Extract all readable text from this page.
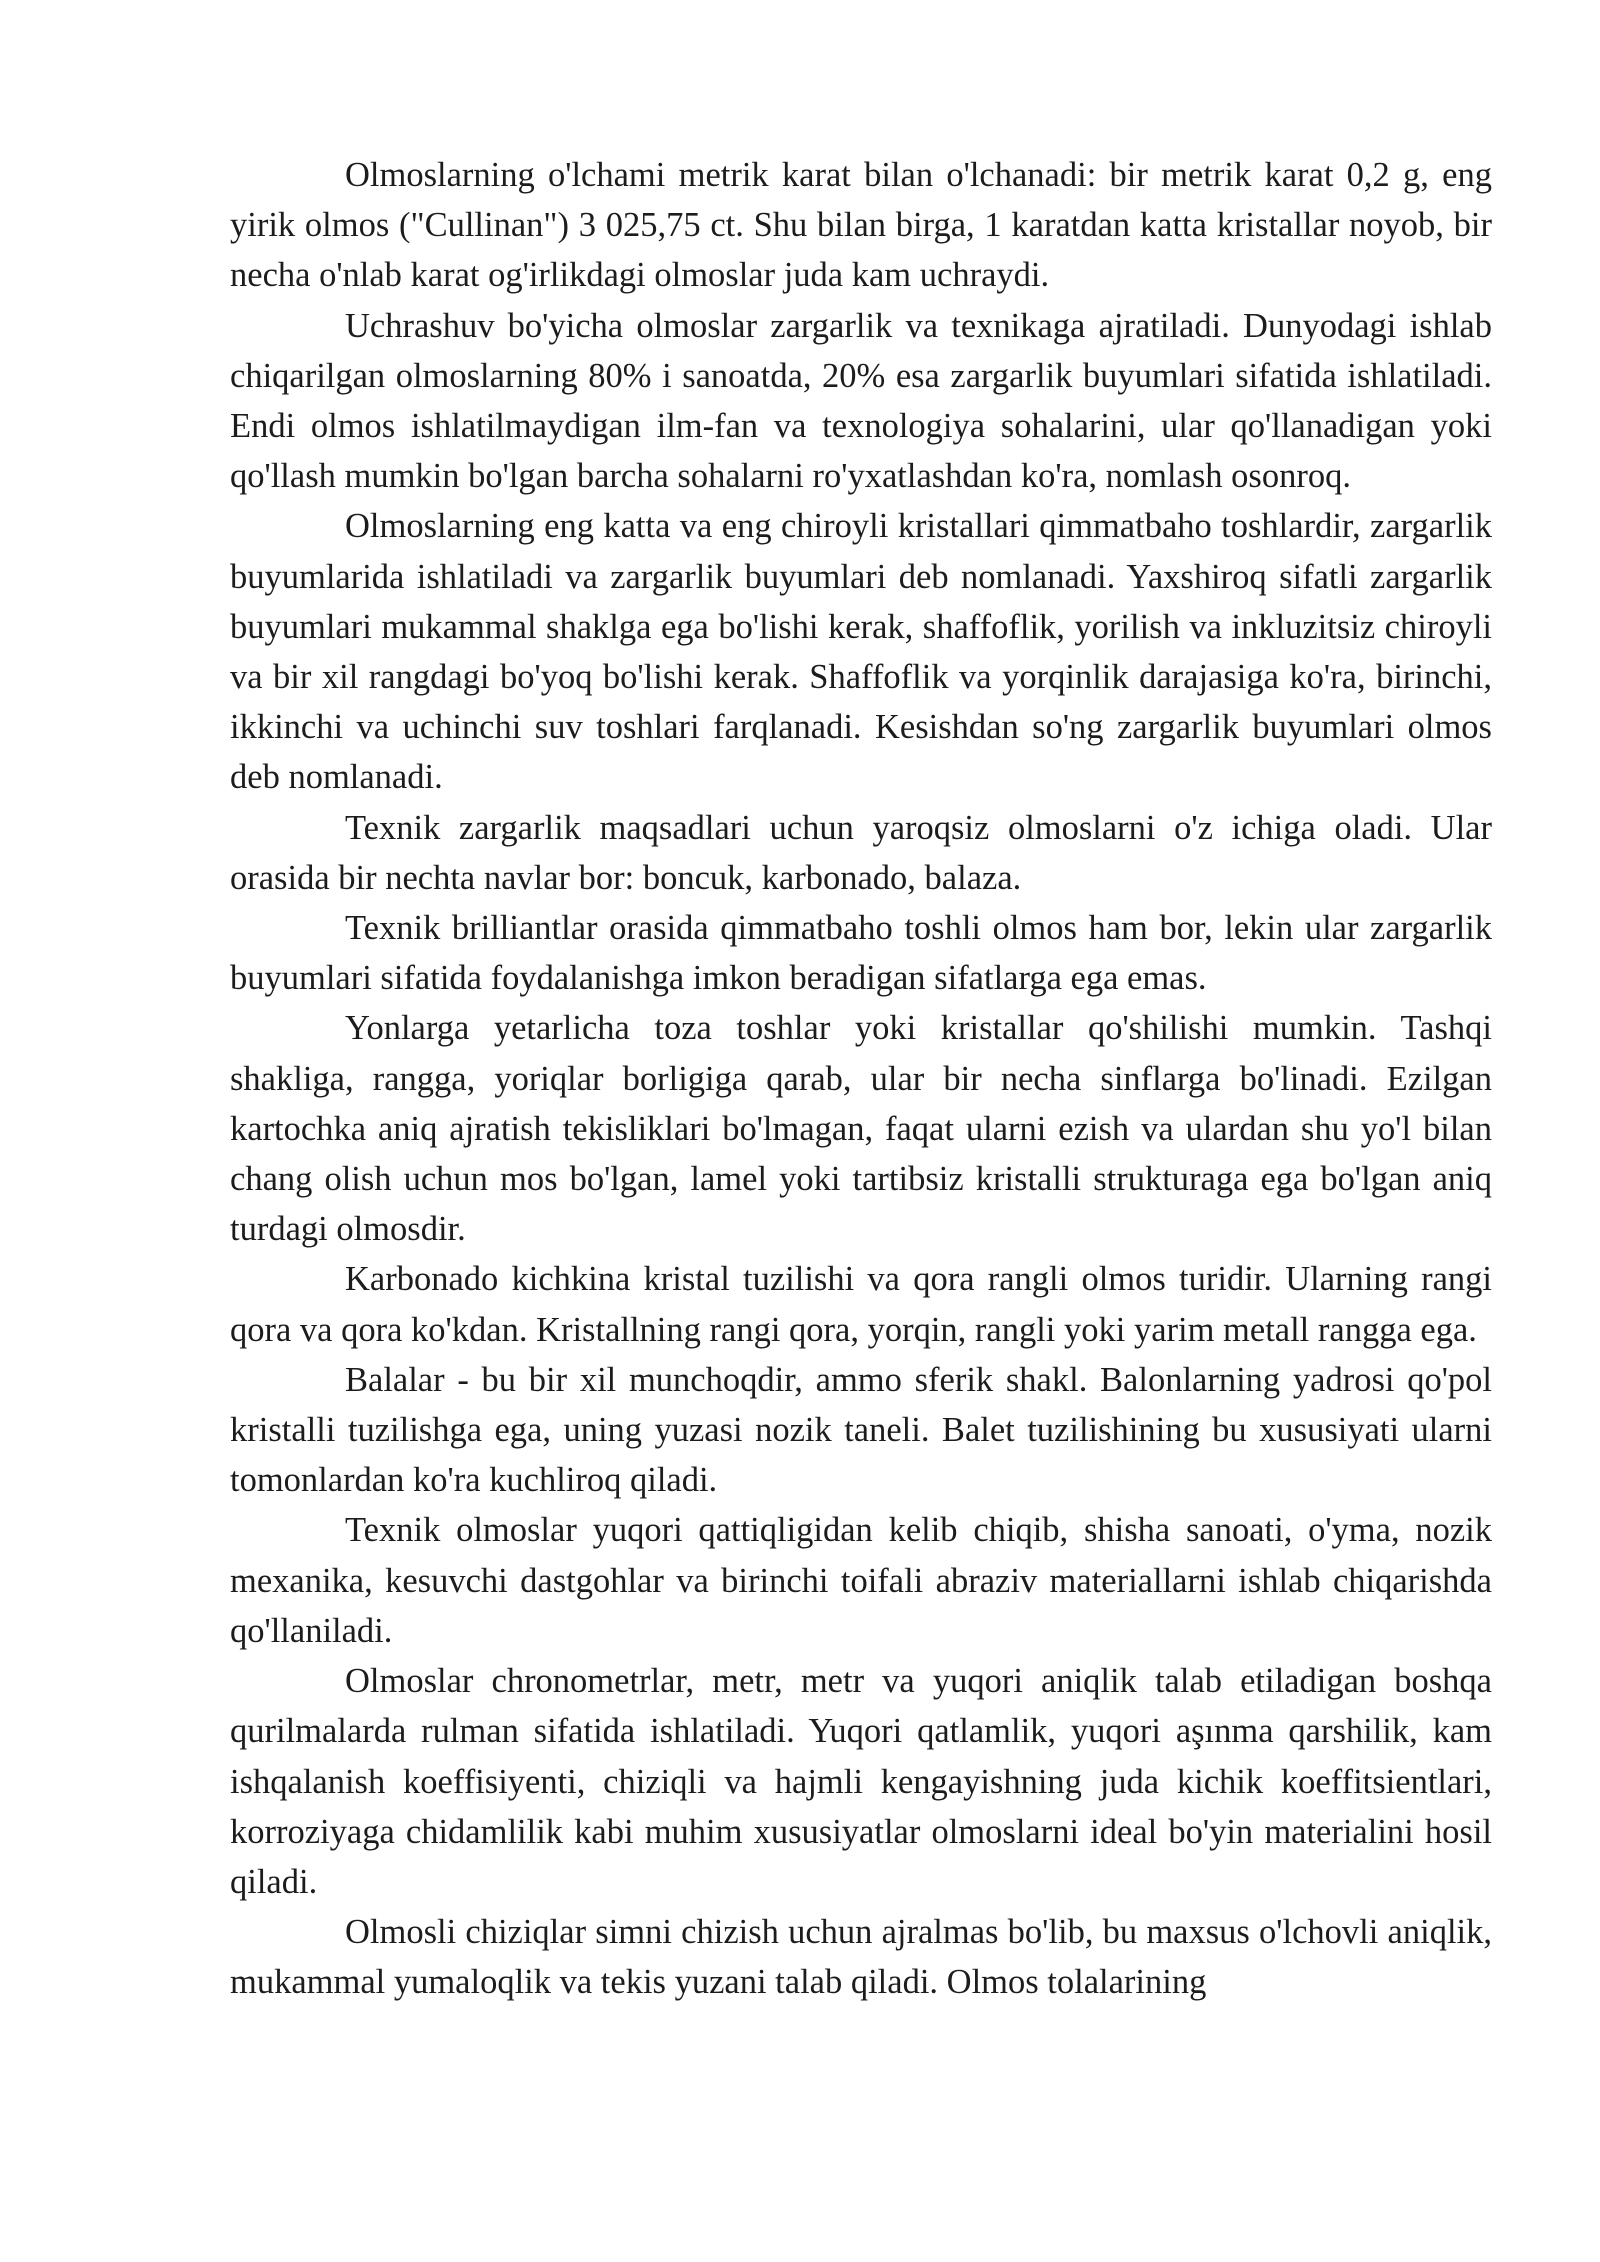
Olmoslarning o'lchami metrik karat bilan o'lchanadi: bir metrik karat 0,2 g, eng yirik olmos ("Cullinan") 3 025,75 ct. Shu bilan birga, 1 karatdan katta kristallar noyob, bir necha o'nlab karat og'irlikdagi olmoslar juda kam uchraydi.

Uchrashuv bo'yicha olmoslar zargarlik va texnikaga ajratiladi. Dunyodagi ishlab chiqarilgan olmoslarning 80% i sanoatda, 20% esa zargarlik buyumlari sifatida ishlatiladi. Endi olmos ishlatilmaydigan ilm-fan va texnologiya sohalarini, ular qo'llanadigan yoki qo'llash mumkin bo'lgan barcha sohalarni ro'yxatlashdan ko'ra, nomlash osonroq.

Olmoslarning eng katta va eng chiroyli kristallari qimmatbaho toshlardir, zargarlik buyumlarida ishlatiladi va zargarlik buyumlari deb nomlanadi. Yaxshiroq sifatli zargarlik buyumlari mukammal shaklga ega bo'lishi kerak, shaffoflik, yorilish va inkluzitsiz chiroyli va bir xil rangdagi bo'yoq bo'lishi kerak. Shaffoflik va yorqinlik darajasiga ko'ra, birinchi, ikkinchi va uchinchi suv toshlari farqlanadi. Kesishdan so'ng zargarlik buyumlari olmos deb nomlanadi.

Texnik zargarlik maqsadlari uchun yaroqsiz olmoslarni o'z ichiga oladi. Ular orasida bir nechta navlar bor: boncuk, karbonado, balaza.

Texnik brilliantlar orasida qimmatbaho toshli olmos ham bor, lekin ular zargarlik buyumlari sifatida foydalanishga imkon beradigan sifatlarga ega emas.

Yonlarga yetarlicha toza toshlar yoki kristallar qo'shilishi mumkin. Tashqi shakliga, rangga, yoriqlar borligiga qarab, ular bir necha sinflarga bo'linadi. Ezilgan kartochka aniq ajratish tekisliklari bo'lmagan, faqat ularni ezish va ulardan shu yo'l bilan chang olish uchun mos bo'lgan, lamel yoki tartibsiz kristalli strukturaga ega bo'lgan aniq turdagi olmosdir.

Karbonado kichkina kristal tuzilishi va qora rangli olmos turidir. Ularning rangi qora va qora ko'kdan. Kristallning rangi qora, yorqin, rangli yoki yarim metall rangga ega.

Balalar - bu bir xil munchoqdir, ammo sferik shakl. Balonlarning yadrosi qo'pol kristalli tuzilishga ega, uning yuzasi nozik taneli. Balet tuzilishining bu xususiyati ularni tomonlardan ko'ra kuchliroq qiladi.

Texnik olmoslar yuqori qattiqligidan kelib chiqib, shisha sanoati, o'yma, nozik mexanika, kesuvchi dastgohlar va birinchi toifali abraziv materiallarni ishlab chiqarishda qo'llaniladi.

Olmoslar chronometrlar, metr, metr va yuqori aniqlik talab etiladigan boshqa qurilmalarda rulman sifatida ishlatiladi. Yuqori qatlamlik, yuqori aşınma qarshilik, kam ishqalanish koeffisiyenti, chiziqli va hajmli kengayishning juda kichik koeffitsientlari, korroziyaga chidamlilik kabi muhim xususiyatlar olmoslarni ideal bo'yin materialini hosil qiladi.

Olmosli chiziqlar simni chizish uchun ajralmas bo'lib, bu maxsus o'lchovli aniqlik, mukammal yumaloqlik va tekis yuzani talab qiladi. Olmos tolalarining
